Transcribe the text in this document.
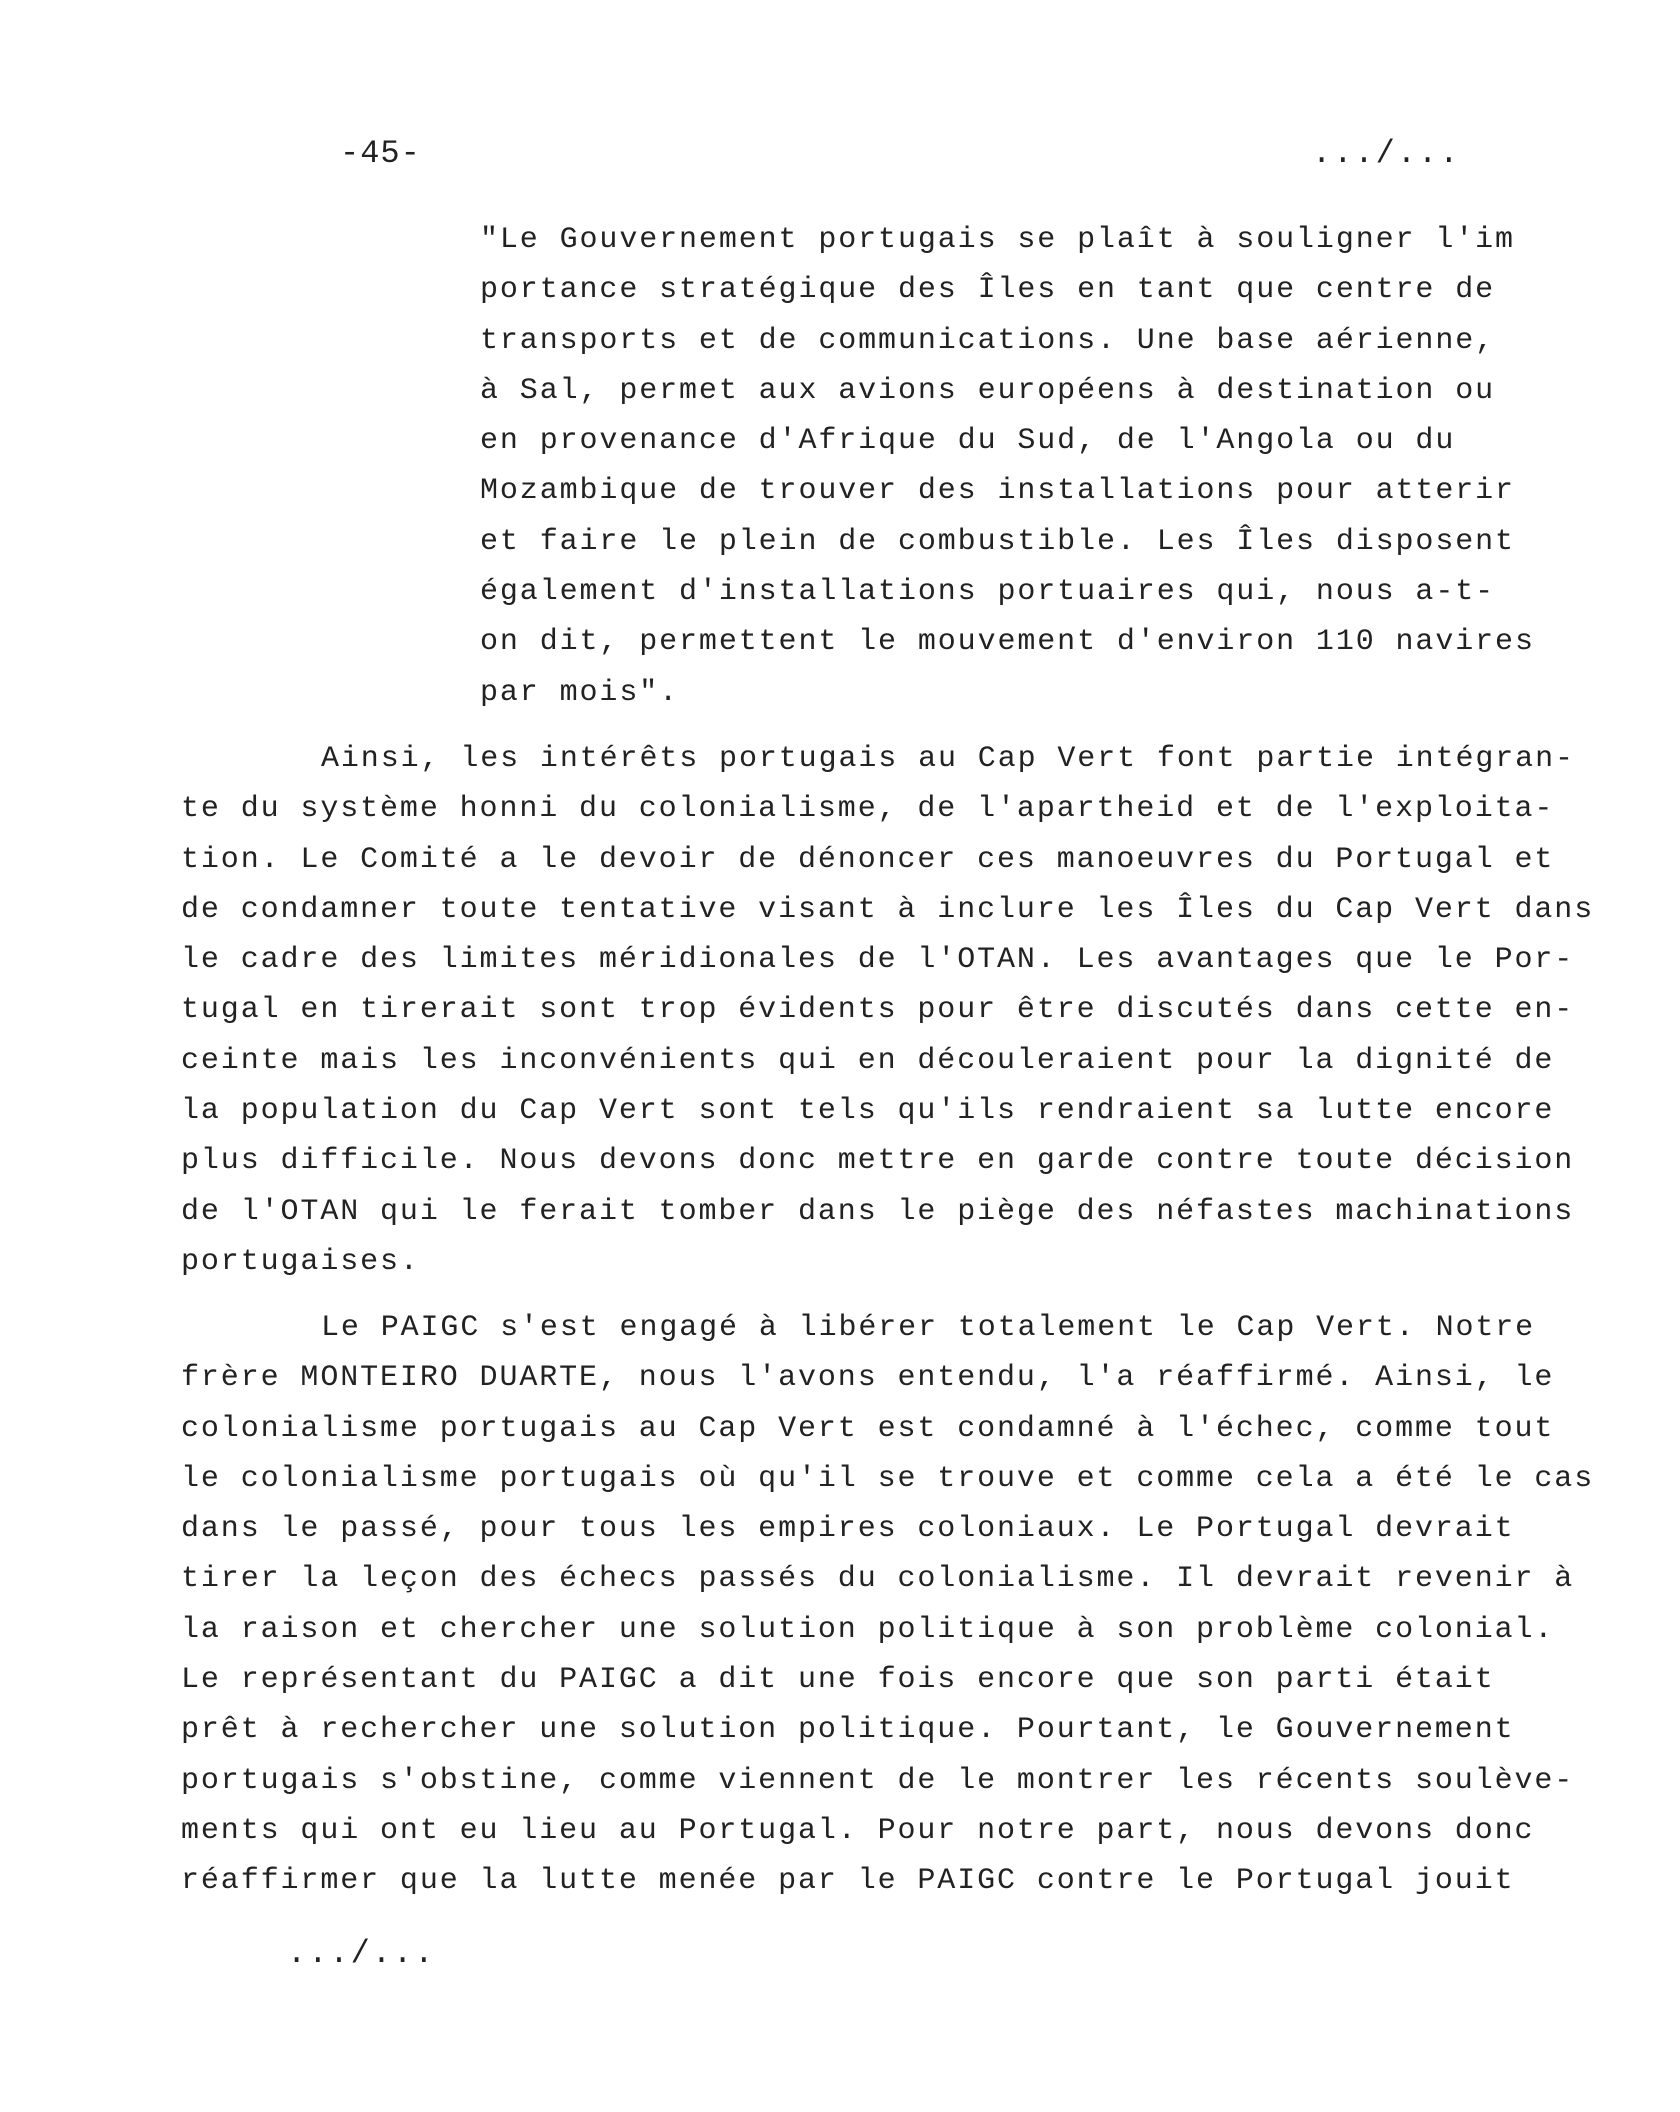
-45-	.../...
"Le Gouvernement portugais se plaît à souligner l'im
portance stratégique des Îles en tant que centre de
transports et de communications. Une base aérienne,
à Sal, permet aux avions européens à destination ou
en provenance d'Afrique du Sud, de l'Angola ou du
Mozambique de trouver des installations pour atterir
et faire le plein de combustible. Les Îles disposent
également d'installations portuaires qui, nous a-t-
on dit, permettent le mouvement d'environ 110 navires
par mois".
Ainsi, les intérêts portugais au Cap Vert font partie intégran-
te du système honni du colonialisme, de l'apartheid et de l'exploita-
tion. Le Comité a le devoir de dénoncer ces manoeuvres du Portugal et
de condamner toute tentative visant à inclure les Îles du Cap Vert dans
le cadre des limites méridionales de l'OTAN. Les avantages que le Por-
tugal en tirerait sont trop évidents pour être discutés dans cette en-
ceinte mais les inconvénients qui en découleraient pour la dignité de
la population du Cap Vert sont tels qu'ils rendraient sa lutte encore
plus difficile. Nous devons donc mettre en garde contre toute décision
de l'OTAN qui le ferait tomber dans le piège des néfastes machinations
portugaises.
Le PAIGC s'est engagé à libérer totalement le Cap Vert. Notre
frère MONTEIRO DUARTE, nous l'avons entendu, l'a réaffirmé. Ainsi, le
colonialisme portugais au Cap Vert est condamné à l'échec, comme tout
le colonialisme portugais où qu'il se trouve et comme cela a été le cas
dans le passé, pour tous les empires coloniaux. Le Portugal devrait
tirer la leçon des échecs passés du colonialisme. Il devrait revenir à
la raison et chercher une solution politique à son problème colonial.
Le représentant du PAIGC a dit une fois encore que son parti était
prêt à rechercher une solution politique. Pourtant, le Gouvernement
portugais s'obstine, comme viennent de le montrer les récents soulève-
ments qui ont eu lieu au Portugal. Pour notre part, nous devons donc
réaffirmer que la lutte menée par le PAIGC contre le Portugal jouit
.../...
